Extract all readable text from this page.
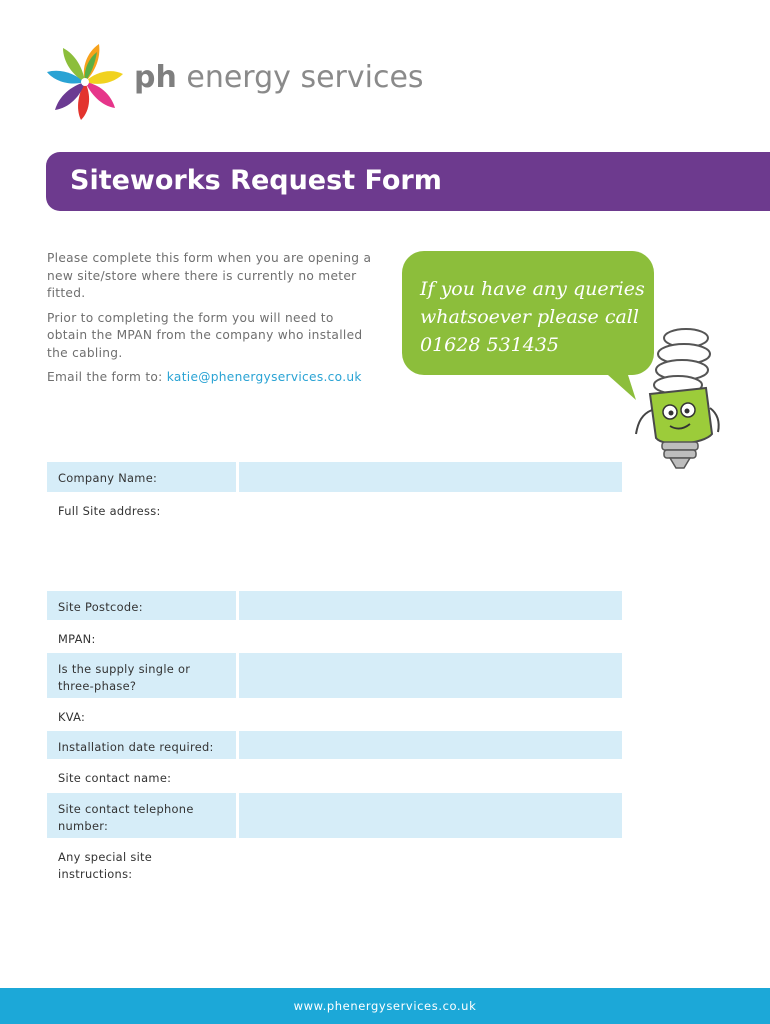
ph energy services
Siteworks Request Form

Please complete this form when you are opening a new site/store where there is currently no meter fitted.

Prior to completing the form you will need to obtain the MPAN from the company who installed the cabling.

Email the form to: katie@phenergyservices.co.uk

If you have any queries
whatsoever please call
01628 531435
Company Name:
Full Site address:
Site Postcode:
MPAN:
Is the supply single or three-phase?
KVA:
Installation date required:
Site contact name:
Site contact telephone number:
Any special site instructions:
www.phenergyservices.co.uk
